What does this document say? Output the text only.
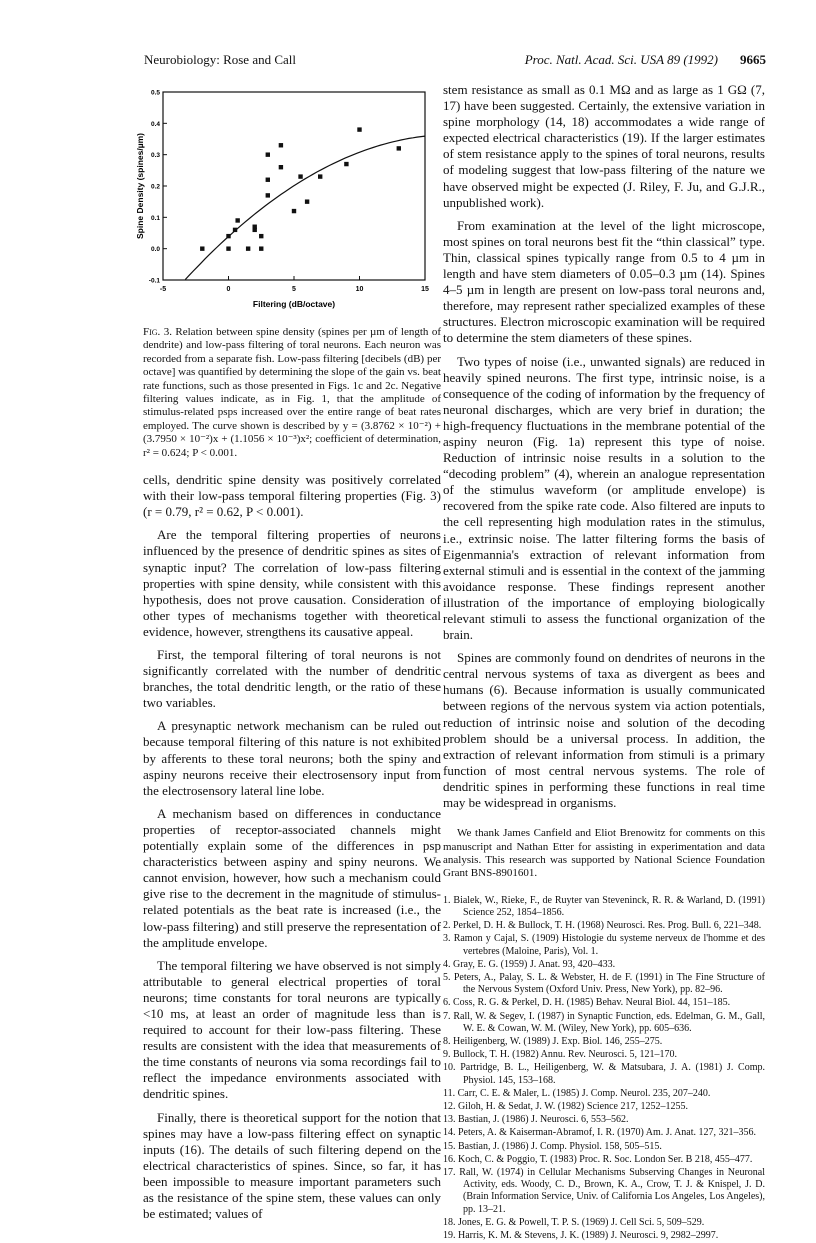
Neurobiology: Rose and Call	Proc. Natl. Acad. Sci. USA 89 (1992) 9665
-5	0	5	10	15
-0.1
0.0
0.1
0.2
0.3
0.4
0.5
Filtering (dB/octave)
Spine Density (spines/µm)
Fig. 3. Relation between spine density (spines per µm of length of dendrite) and low-pass filtering of toral neurons. Each neuron was recorded from a separate fish. Low-pass filtering [decibels (dB) per octave] was quantified by determining the slope of the gain vs. beat rate functions, such as those presented in Figs. 1c and 2c. Negative filtering values indicate, as in Fig. 1, that the amplitude of stimulus-related psps increased over the entire range of beat rates employed. The curve shown is described by y = (3.8762 × 10⁻²) + (3.7950 × 10⁻²)x + (1.1056 × 10⁻³)x²; coefficient of determination, r² = 0.624; P < 0.001.

cells, dendritic spine density was positively correlated with their low-pass temporal filtering properties (Fig. 3) (r = 0.79, r² = 0.62, P < 0.001).

Are the temporal filtering properties of neurons influenced by the presence of dendritic spines as sites of synaptic input? The correlation of low-pass filtering properties with spine density, while consistent with this hypothesis, does not prove causation. Consideration of other types of mechanisms together with theoretical evidence, however, strengthens its causative appeal.

First, the temporal filtering of toral neurons is not significantly correlated with the number of dendritic branches, the total dendritic length, or the ratio of these two variables.

A presynaptic network mechanism can be ruled out because temporal filtering of this nature is not exhibited by afferents to these toral neurons; both the spiny and aspiny neurons receive their electrosensory input from the electrosensory lateral line lobe.

A mechanism based on differences in conductance properties of receptor-associated channels might potentially explain some of the differences in psp characteristics between aspiny and spiny neurons. We cannot envision, however, how such a mechanism could give rise to the decrement in the magnitude of stimulus-related potentials as the beat rate is increased (i.e., the low-pass filtering) and still preserve the representation of the amplitude envelope.

The temporal filtering we have observed is not simply attributable to general electrical properties of toral neurons; time constants for toral neurons are typically <10 ms, at least an order of magnitude less than is required to account for their low-pass filtering. These results are consistent with the idea that measurements of the time constants of neurons via soma recordings fail to reflect the impedance environments associated with dendritic spines.

Finally, there is theoretical support for the notion that spines may have a low-pass filtering effect on synaptic inputs (16). The details of such filtering depend on the electrical characteristics of spines. Since, so far, it has been impossible to measure important parameters such as the resistance of the spine stem, these values can only be estimated; values of

stem resistance as small as 0.1 MΩ and as large as 1 GΩ (7, 17) have been suggested. Certainly, the extensive variation in spine morphology (14, 18) accommodates a wide range of expected electrical characteristics (19). If the larger estimates of stem resistance apply to the spines of toral neurons, results of modeling suggest that low-pass filtering of the nature we have observed might be expected (J. Riley, F. Ju, and G.J.R., unpublished work).

From examination at the level of the light microscope, most spines on toral neurons best fit the “thin classical” type. Thin, classical spines typically range from 0.5 to 4 µm in length and have stem diameters of 0.05–0.3 µm (14). Spines 4–5 µm in length are present on low-pass toral neurons and, therefore, may represent rather specialized examples of these structures. Electron microscopic examination will be required to determine the stem diameters of these spines.

Two types of noise (i.e., unwanted signals) are reduced in heavily spined neurons. The first type, intrinsic noise, is a consequence of the coding of information by the frequency of neuronal discharges, which are very brief in duration; the high-frequency fluctuations in the membrane potential of the aspiny neuron (Fig. 1a) represent this type of noise. Reduction of intrinsic noise results in a solution to the “decoding problem” (4), wherein an analogue representation of the stimulus waveform (or amplitude envelope) is recovered from the spike rate code. Also filtered are inputs to the cell representing high modulation rates in the stimulus, i.e., extrinsic noise. The latter filtering forms the basis of Eigenmannia's extraction of relevant information from external stimuli and is essential in the context of the jamming avoidance response. These findings represent another illustration of the importance of employing biologically relevant stimuli to assess the functional organization of the brain.

Spines are commonly found on dendrites of neurons in the central nervous systems of taxa as divergent as bees and humans (6). Because information is usually communicated between regions of the nervous system via action potentials, reduction of intrinsic noise and solution of the decoding problem should be a universal process. In addition, the extraction of relevant information from stimuli is a primary function of most central nervous systems. The role of dendritic spines in performing these functions in real time may be widespread in organisms.

We thank James Canfield and Eliot Brenowitz for comments on this manuscript and Nathan Etter for assisting in experimentation and data analysis. This research was supported by National Science Foundation Grant BNS-8901601.
1. Bialek, W., Rieke, F., de Ruyter van Steveninck, R. R. & Warland, D. (1991) Science 252, 1854–1856.
2. Perkel, D. H. & Bullock, T. H. (1968) Neurosci. Res. Prog. Bull. 6, 221–348.
3. Ramon y Cajal, S. (1909) Histologie du systeme nerveux de l'homme et des vertebres (Maloine, Paris), Vol. 1.
4. Gray, E. G. (1959) J. Anat. 93, 420–433.
5. Peters, A., Palay, S. L. & Webster, H. de F. (1991) in The Fine Structure of the Nervous System (Oxford Univ. Press, New York), pp. 82–96.
6. Coss, R. G. & Perkel, D. H. (1985) Behav. Neural Biol. 44, 151–185.
7. Rall, W. & Segev, I. (1987) in Synaptic Function, eds. Edelman, G. M., Gall, W. E. & Cowan, W. M. (Wiley, New York), pp. 605–636.
8. Heiligenberg, W. (1989) J. Exp. Biol. 146, 255–275.
9. Bullock, T. H. (1982) Annu. Rev. Neurosci. 5, 121–170.
10. Partridge, B. L., Heiligenberg, W. & Matsubara, J. A. (1981) J. Comp. Physiol. 145, 153–168.
11. Carr, C. E. & Maler, L. (1985) J. Comp. Neurol. 235, 207–240.
12. Giloh, H. & Sedat, J. W. (1982) Science 217, 1252–1255.
13. Bastian, J. (1986) J. Neurosci. 6, 553–562.
14. Peters, A. & Kaiserman-Abramof, I. R. (1970) Am. J. Anat. 127, 321–356.
15. Bastian, J. (1986) J. Comp. Physiol. 158, 505–515.
16. Koch, C. & Poggio, T. (1983) Proc. R. Soc. London Ser. B 218, 455–477.
17. Rall, W. (1974) in Cellular Mechanisms Subserving Changes in Neuronal Activity, eds. Woody, C. D., Brown, K. A., Crow, T. J. & Knispel, J. D. (Brain Information Service, Univ. of California Los Angeles, Los Angeles), pp. 13–21.
18. Jones, E. G. & Powell, T. P. S. (1969) J. Cell Sci. 5, 509–529.
19. Harris, K. M. & Stevens, J. K. (1989) J. Neurosci. 9, 2982–2997.
